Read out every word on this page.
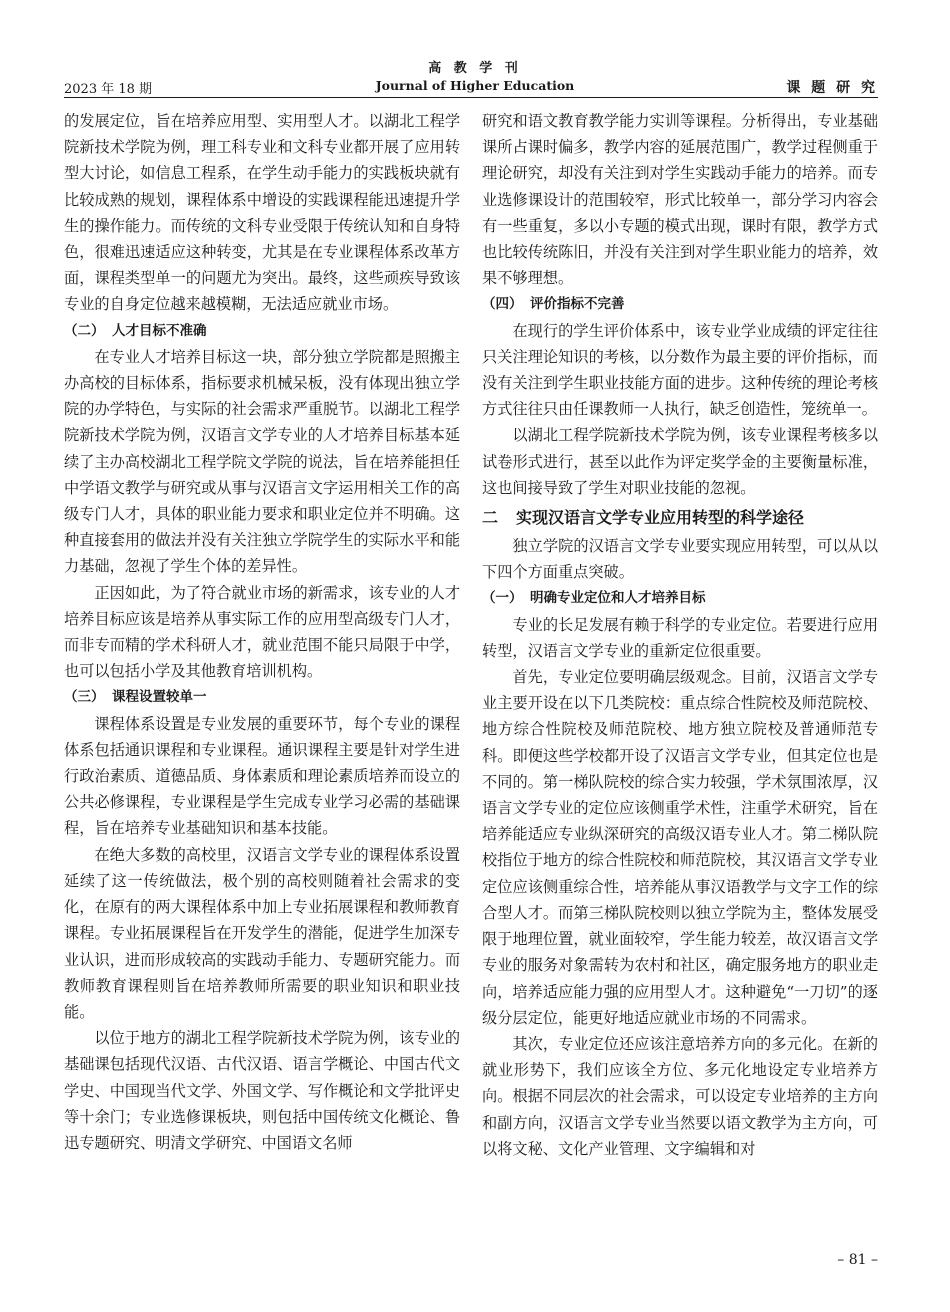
高 教 学 刊
2023 年 18 期	Journal of Higher Education	课 题 研 究

的发展定位，旨在培养应用型、实用型人才。以湖北工程学院新技术学院为例，理工科专业和文科专业都开展了应用转型大讨论，如信息工程系，在学生动手能力的实践板块就有比较成熟的规划，课程体系中增设的实践课程能迅速提升学生的操作能力。而传统的文科专业受限于传统认知和自身特色，很难迅速适应这种转变，尤其是在专业课程体系改革方面，课程类型单一的问题尤为突出。最终，这些顽疾导致该专业的自身定位越来越模糊，无法适应就业市场。

（二） 人才目标不准确

在专业人才培养目标这一块，部分独立学院都是照搬主办高校的目标体系，指标要求机械呆板，没有体现出独立学院的办学特色，与实际的社会需求严重脱节。以湖北工程学院新技术学院为例，汉语言文学专业的人才培养目标基本延续了主办高校湖北工程学院文学院的说法，旨在培养能担任中学语文教学与研究或从事与汉语言文字运用相关工作的高级专门人才，具体的职业能力要求和职业定位并不明确。这种直接套用的做法并没有关注独立学院学生的实际水平和能力基础，忽视了学生个体的差异性。

正因如此，为了符合就业市场的新需求，该专业的人才培养目标应该是培养从事实际工作的应用型高级专门人才，而非专而精的学术科研人才，就业范围不能只局限于中学，也可以包括小学及其他教育培训机构。

（三） 课程设置较单一

课程体系设置是专业发展的重要环节，每个专业的课程体系包括通识课程和专业课程。通识课程主要是针对学生进行政治素质、道德品质、身体素质和理论素质培养而设立的公共必修课程，专业课程是学生完成专业学习必需的基础课程，旨在培养专业基础知识和基本技能。

在绝大多数的高校里，汉语言文学专业的课程体系设置延续了这一传统做法，极个别的高校则随着社会需求的变化，在原有的两大课程体系中加上专业拓展课程和教师教育课程。专业拓展课程旨在开发学生的潜能，促进学生加深专业认识，进而形成较高的实践动手能力、专题研究能力。而教师教育课程则旨在培养教师所需要的职业知识和职业技能。

以位于地方的湖北工程学院新技术学院为例，该专业的基础课包括现代汉语、古代汉语、语言学概论、中国古代文学史、中国现当代文学、外国文学、写作概论和文学批评史等十余门；专业选修课板块，则包括中国传统文化概论、鲁迅专题研究、明清文学研究、中国语文名师

研究和语文教育教学能力实训等课程。分析得出，专业基础课所占课时偏多，教学内容的延展范围广，教学过程侧重于理论研究，却没有关注到对学生实践动手能力的培养。而专业选修课设计的范围较窄，形式比较单一，部分学习内容会有一些重复，多以小专题的模式出现，课时有限，教学方式也比较传统陈旧，并没有关注到对学生职业能力的培养，效果不够理想。

（四） 评价指标不完善

在现行的学生评价体系中，该专业学业成绩的评定往往只关注理论知识的考核，以分数作为最主要的评价指标，而没有关注到学生职业技能方面的进步。这种传统的理论考核方式往往只由任课教师一人执行，缺乏创造性，笼统单一。

以湖北工程学院新技术学院为例，该专业课程考核多以试卷形式进行，甚至以此作为评定奖学金的主要衡量标准，这也间接导致了学生对职业技能的忽视。

二 实现汉语言文学专业应用转型的科学途径

独立学院的汉语言文学专业要实现应用转型，可以从以下四个方面重点突破。

（一） 明确专业定位和人才培养目标

专业的长足发展有赖于科学的专业定位。若要进行应用转型，汉语言文学专业的重新定位很重要。

首先，专业定位要明确层级观念。目前，汉语言文学专业主要开设在以下几类院校：重点综合性院校及师范院校、地方综合性院校及师范院校、地方独立院校及普通师范专科。即便这些学校都开设了汉语言文学专业，但其定位也是不同的。第一梯队院校的综合实力较强，学术氛围浓厚，汉语言文学专业的定位应该侧重学术性，注重学术研究，旨在培养能适应专业纵深研究的高级汉语专业人才。第二梯队院校指位于地方的综合性院校和师范院校，其汉语言文学专业定位应该侧重综合性，培养能从事汉语教学与文字工作的综合型人才。而第三梯队院校则以独立学院为主，整体发展受限于地理位置，就业面较窄，学生能力较差，故汉语言文学专业的服务对象需转为农村和社区，确定服务地方的职业走向，培养适应能力强的应用型人才。这种避免“一刀切”的逐级分层定位，能更好地适应就业市场的不同需求。

其次，专业定位还应该注意培养方向的多元化。在新的就业形势下，我们应该全方位、多元化地设定专业培养方向。根据不同层次的社会需求，可以设定专业培养的主方向和副方向，汉语言文学专业当然要以语文教学为主方向，可以将文秘、文化产业管理、文字编辑和对

– 81 –
